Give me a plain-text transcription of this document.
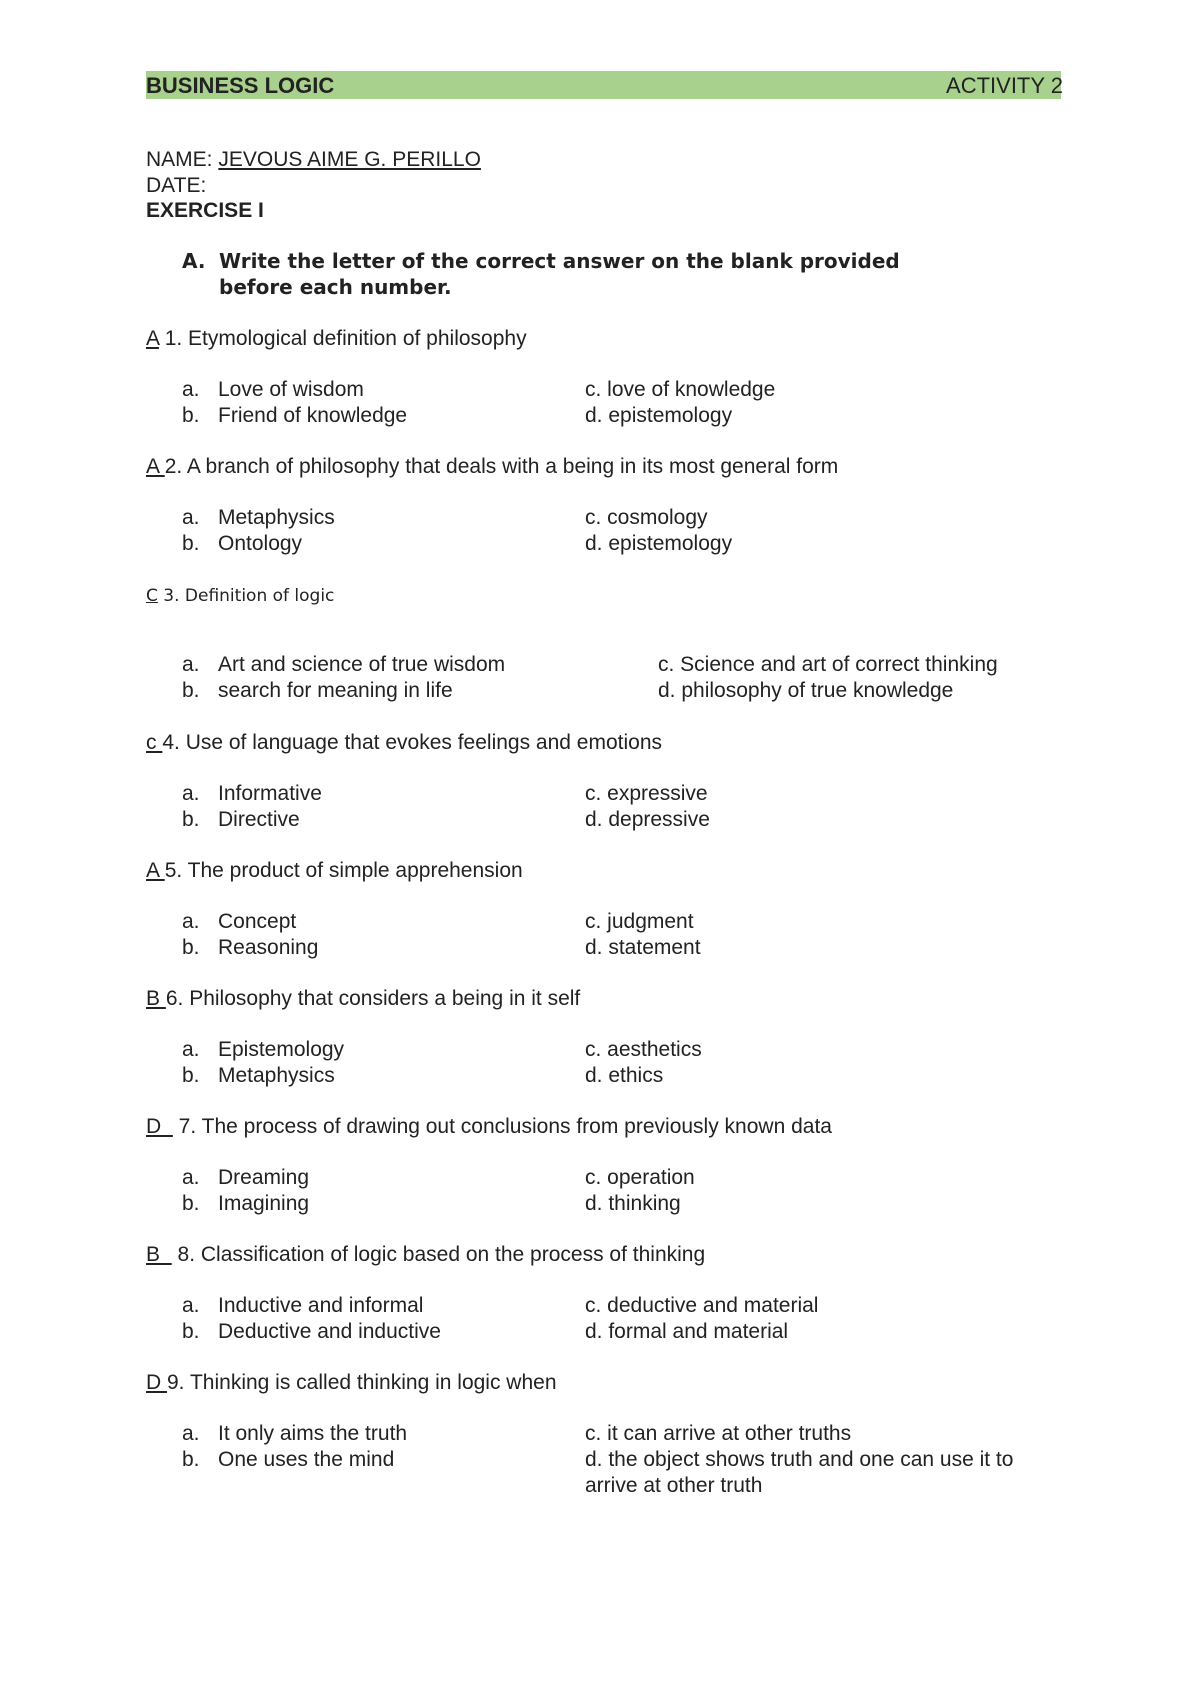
BUSINESS LOGIC	ACTIVITY 2
NAME: JEVOUS AIME G. PERILLO
DATE:
EXERCISE I
A. Write the letter of the correct answer on the blank provided before each number.
A 1. Etymological definition of philosophy
a. Love of wisdom
b. Friend of knowledge
c. love of knowledge
d. epistemology
A 2. A branch of philosophy that deals with a being in its most general form
a. Metaphysics
b. Ontology
c. cosmology
d. epistemology
C 3. Definition of logic
a. Art and science of true wisdom
b. search for meaning in life
c. Science and art of correct thinking
d. philosophy of true knowledge
c 4. Use of language that evokes feelings and emotions
a. Informative
b. Directive
c. expressive
d. depressive
A 5. The product of simple apprehension
a. Concept
b. Reasoning
c. judgment
d. statement
B 6. Philosophy that considers a being in it self
a. Epistemology
b. Metaphysics
c. aesthetics
d. ethics
D   7. The process of drawing out conclusions from previously known data
a. Dreaming
b. Imagining
c. operation
d. thinking
B   8. Classification of logic based on the process of thinking
a. Inductive and informal
b. Deductive and inductive
c. deductive and material
d. formal and material
D 9. Thinking is called thinking in logic when
a. It only aims the truth
b. One uses the mind
c. it can arrive at other truths
d. the object shows truth and one can use it to arrive at other truth
